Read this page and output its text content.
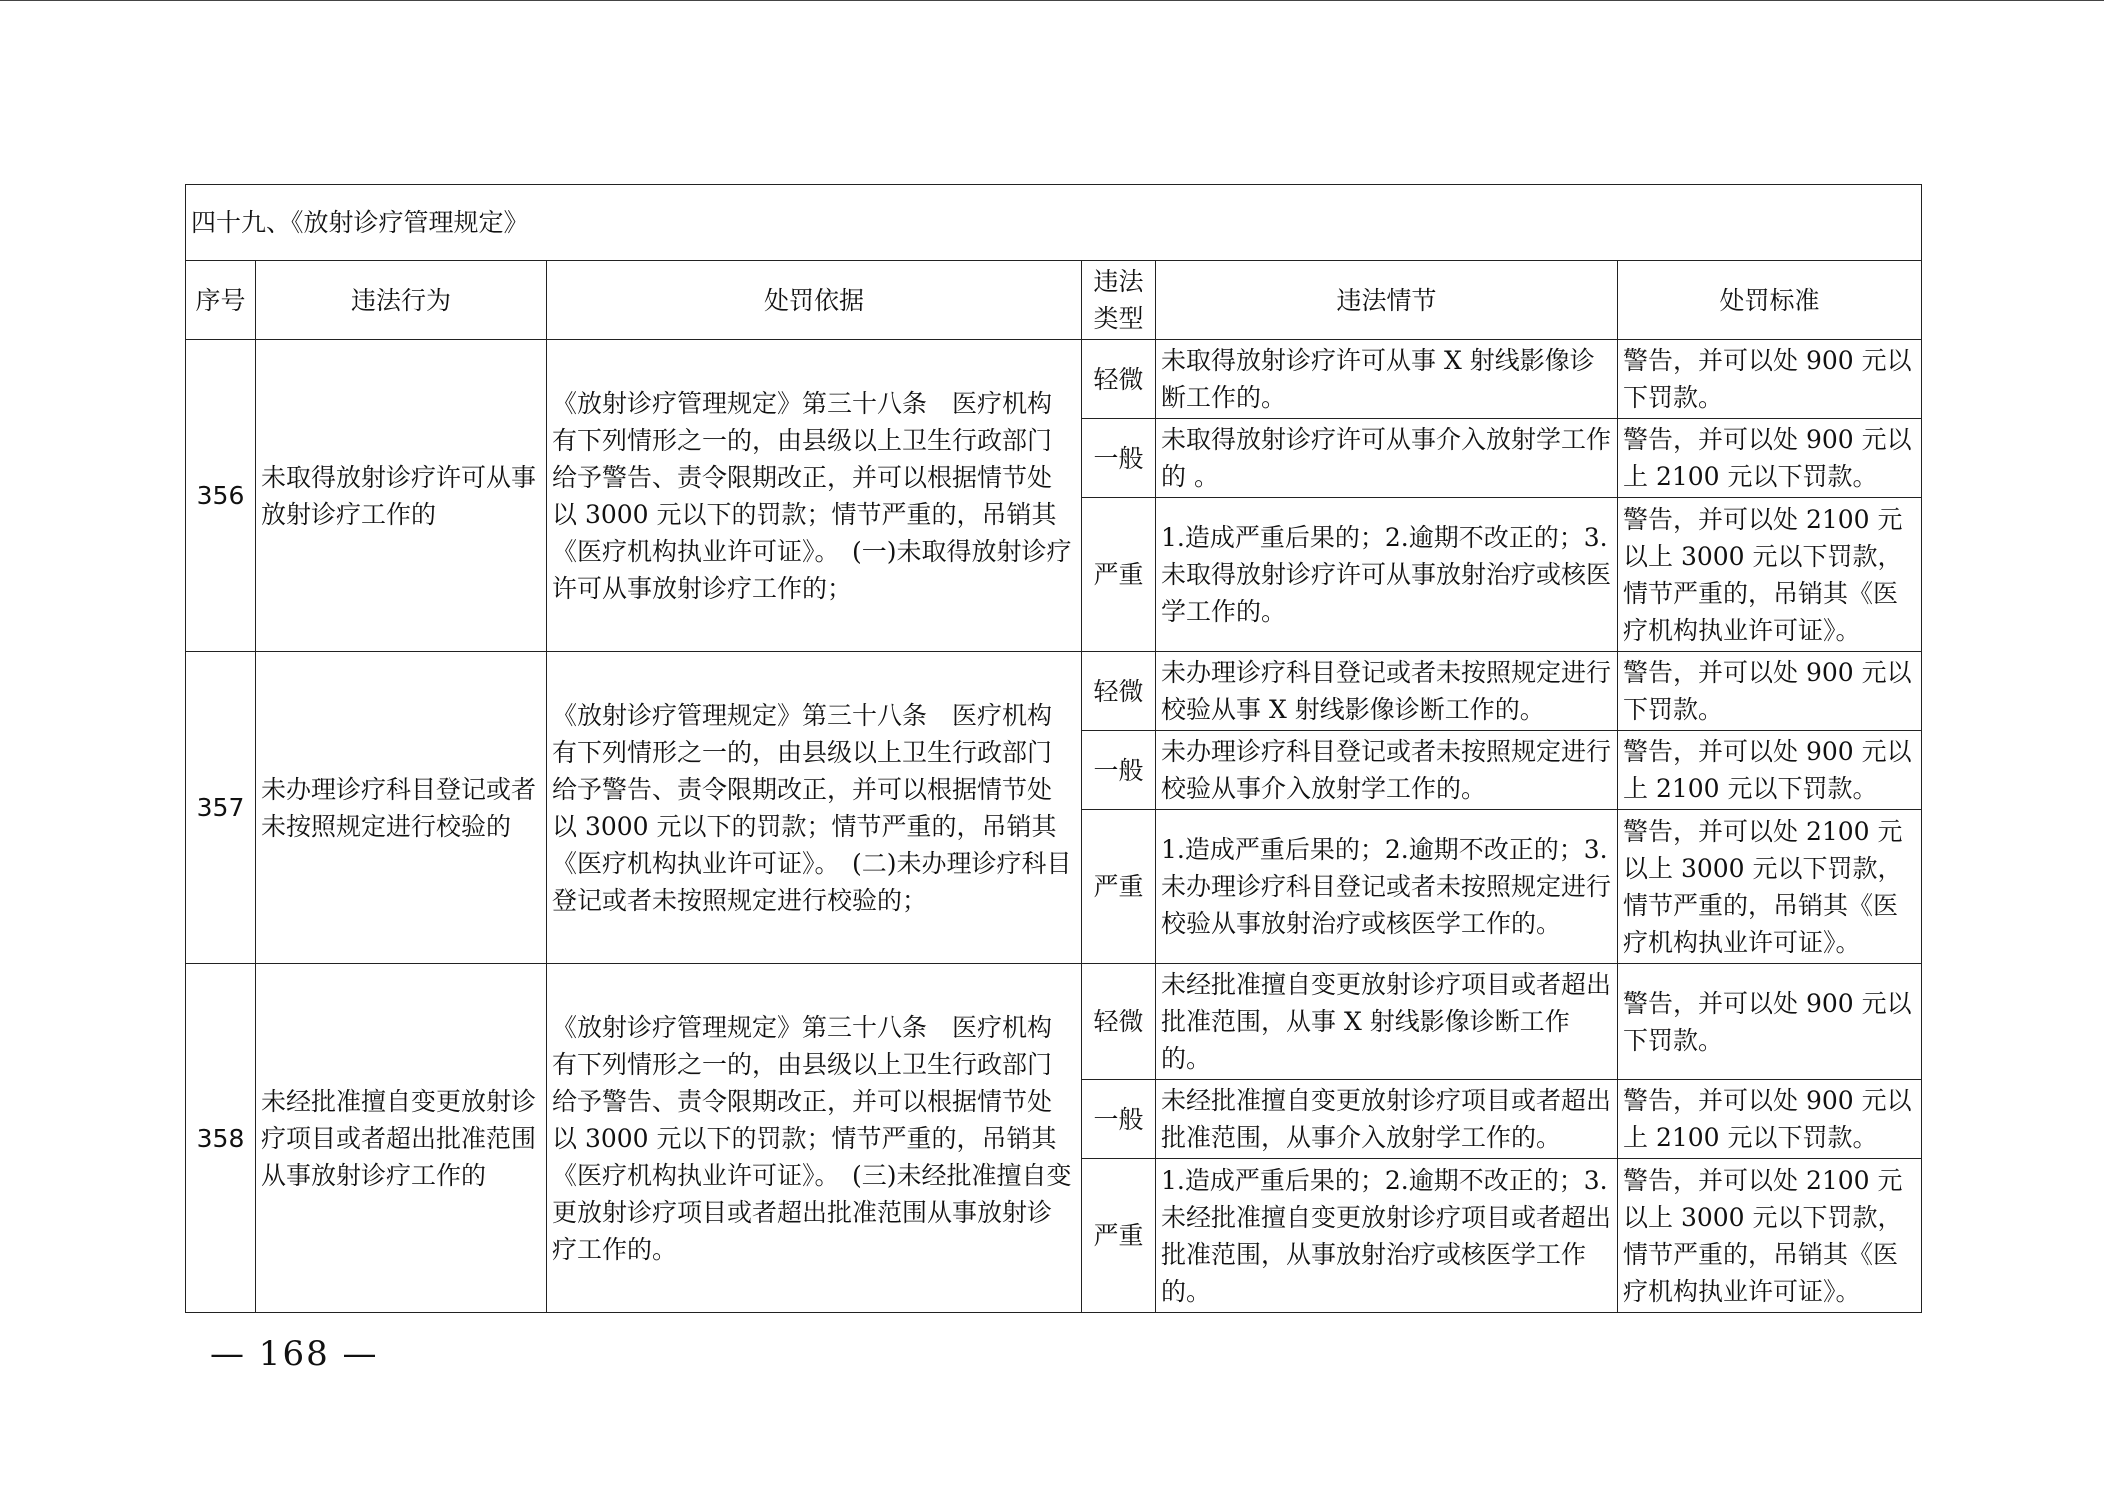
四十九、《放射诊疗管理规定》					
序号	违法行为	处罚依据	违法类型	违法情节	处罚标准
356	未取得放射诊疗许可从事放射诊疗工作的	《放射诊疗管理规定》第三十八条　医疗机构有下列情形之一的，由县级以上卫生行政部门给予警告、责令限期改正，并可以根据情节处以 3000 元以下的罚款；情节严重的，吊销其《医疗机构执业许可证》。　(一)未取得放射诊疗许可从事放射诊疗工作的；	轻微	未取得放射诊疗许可从事 X 射线影像诊断工作的。	警告，并可以处 900 元以下罚款。
			一般	未取得放射诊疗许可从事介入放射学工作的 。	警告，并可以处 900 元以上 2100 元以下罚款。
			严重	1.造成严重后果的；2.逾期不改正的；3.未取得放射诊疗许可从事放射治疗或核医学工作的。	警告，并可以处 2100 元以上 3000 元以下罚款，情节严重的，吊销其《医疗机构执业许可证》。
357	未办理诊疗科目登记或者未按照规定进行校验的	《放射诊疗管理规定》第三十八条　医疗机构有下列情形之一的，由县级以上卫生行政部门给予警告、责令限期改正，并可以根据情节处以 3000 元以下的罚款；情节严重的，吊销其《医疗机构执业许可证》。　(二)未办理诊疗科目登记或者未按照规定进行校验的；	轻微	未办理诊疗科目登记或者未按照规定进行校验从事 X 射线影像诊断工作的。	警告，并可以处 900 元以下罚款。
			一般	未办理诊疗科目登记或者未按照规定进行校验从事介入放射学工作的。	警告，并可以处 900 元以上 2100 元以下罚款。
			严重	1.造成严重后果的；2.逾期不改正的；3.未办理诊疗科目登记或者未按照规定进行校验从事放射治疗或核医学工作的。	警告，并可以处 2100 元以上 3000 元以下罚款，情节严重的，吊销其《医疗机构执业许可证》。
358	未经批准擅自变更放射诊疗项目或者超出批准范围从事放射诊疗工作的	《放射诊疗管理规定》第三十八条　医疗机构有下列情形之一的，由县级以上卫生行政部门给予警告、责令限期改正，并可以根据情节处以 3000 元以下的罚款；情节严重的，吊销其《医疗机构执业许可证》。　(三)未经批准擅自变更放射诊疗项目或者超出批准范围从事放射诊疗工作的。	轻微	未经批准擅自变更放射诊疗项目或者超出批准范围，从事 X 射线影像诊断工作的。	警告，并可以处 900 元以下罚款。
			一般	未经批准擅自变更放射诊疗项目或者超出批准范围，从事介入放射学工作的。	警告，并可以处 900 元以上 2100 元以下罚款。
			严重	1.造成严重后果的；2.逾期不改正的；3.未经批准擅自变更放射诊疗项目或者超出批准范围，从事放射治疗或核医学工作的。	警告，并可以处 2100 元以上 3000 元以下罚款，情节严重的，吊销其《医疗机构执业许可证》。
— 168 —
